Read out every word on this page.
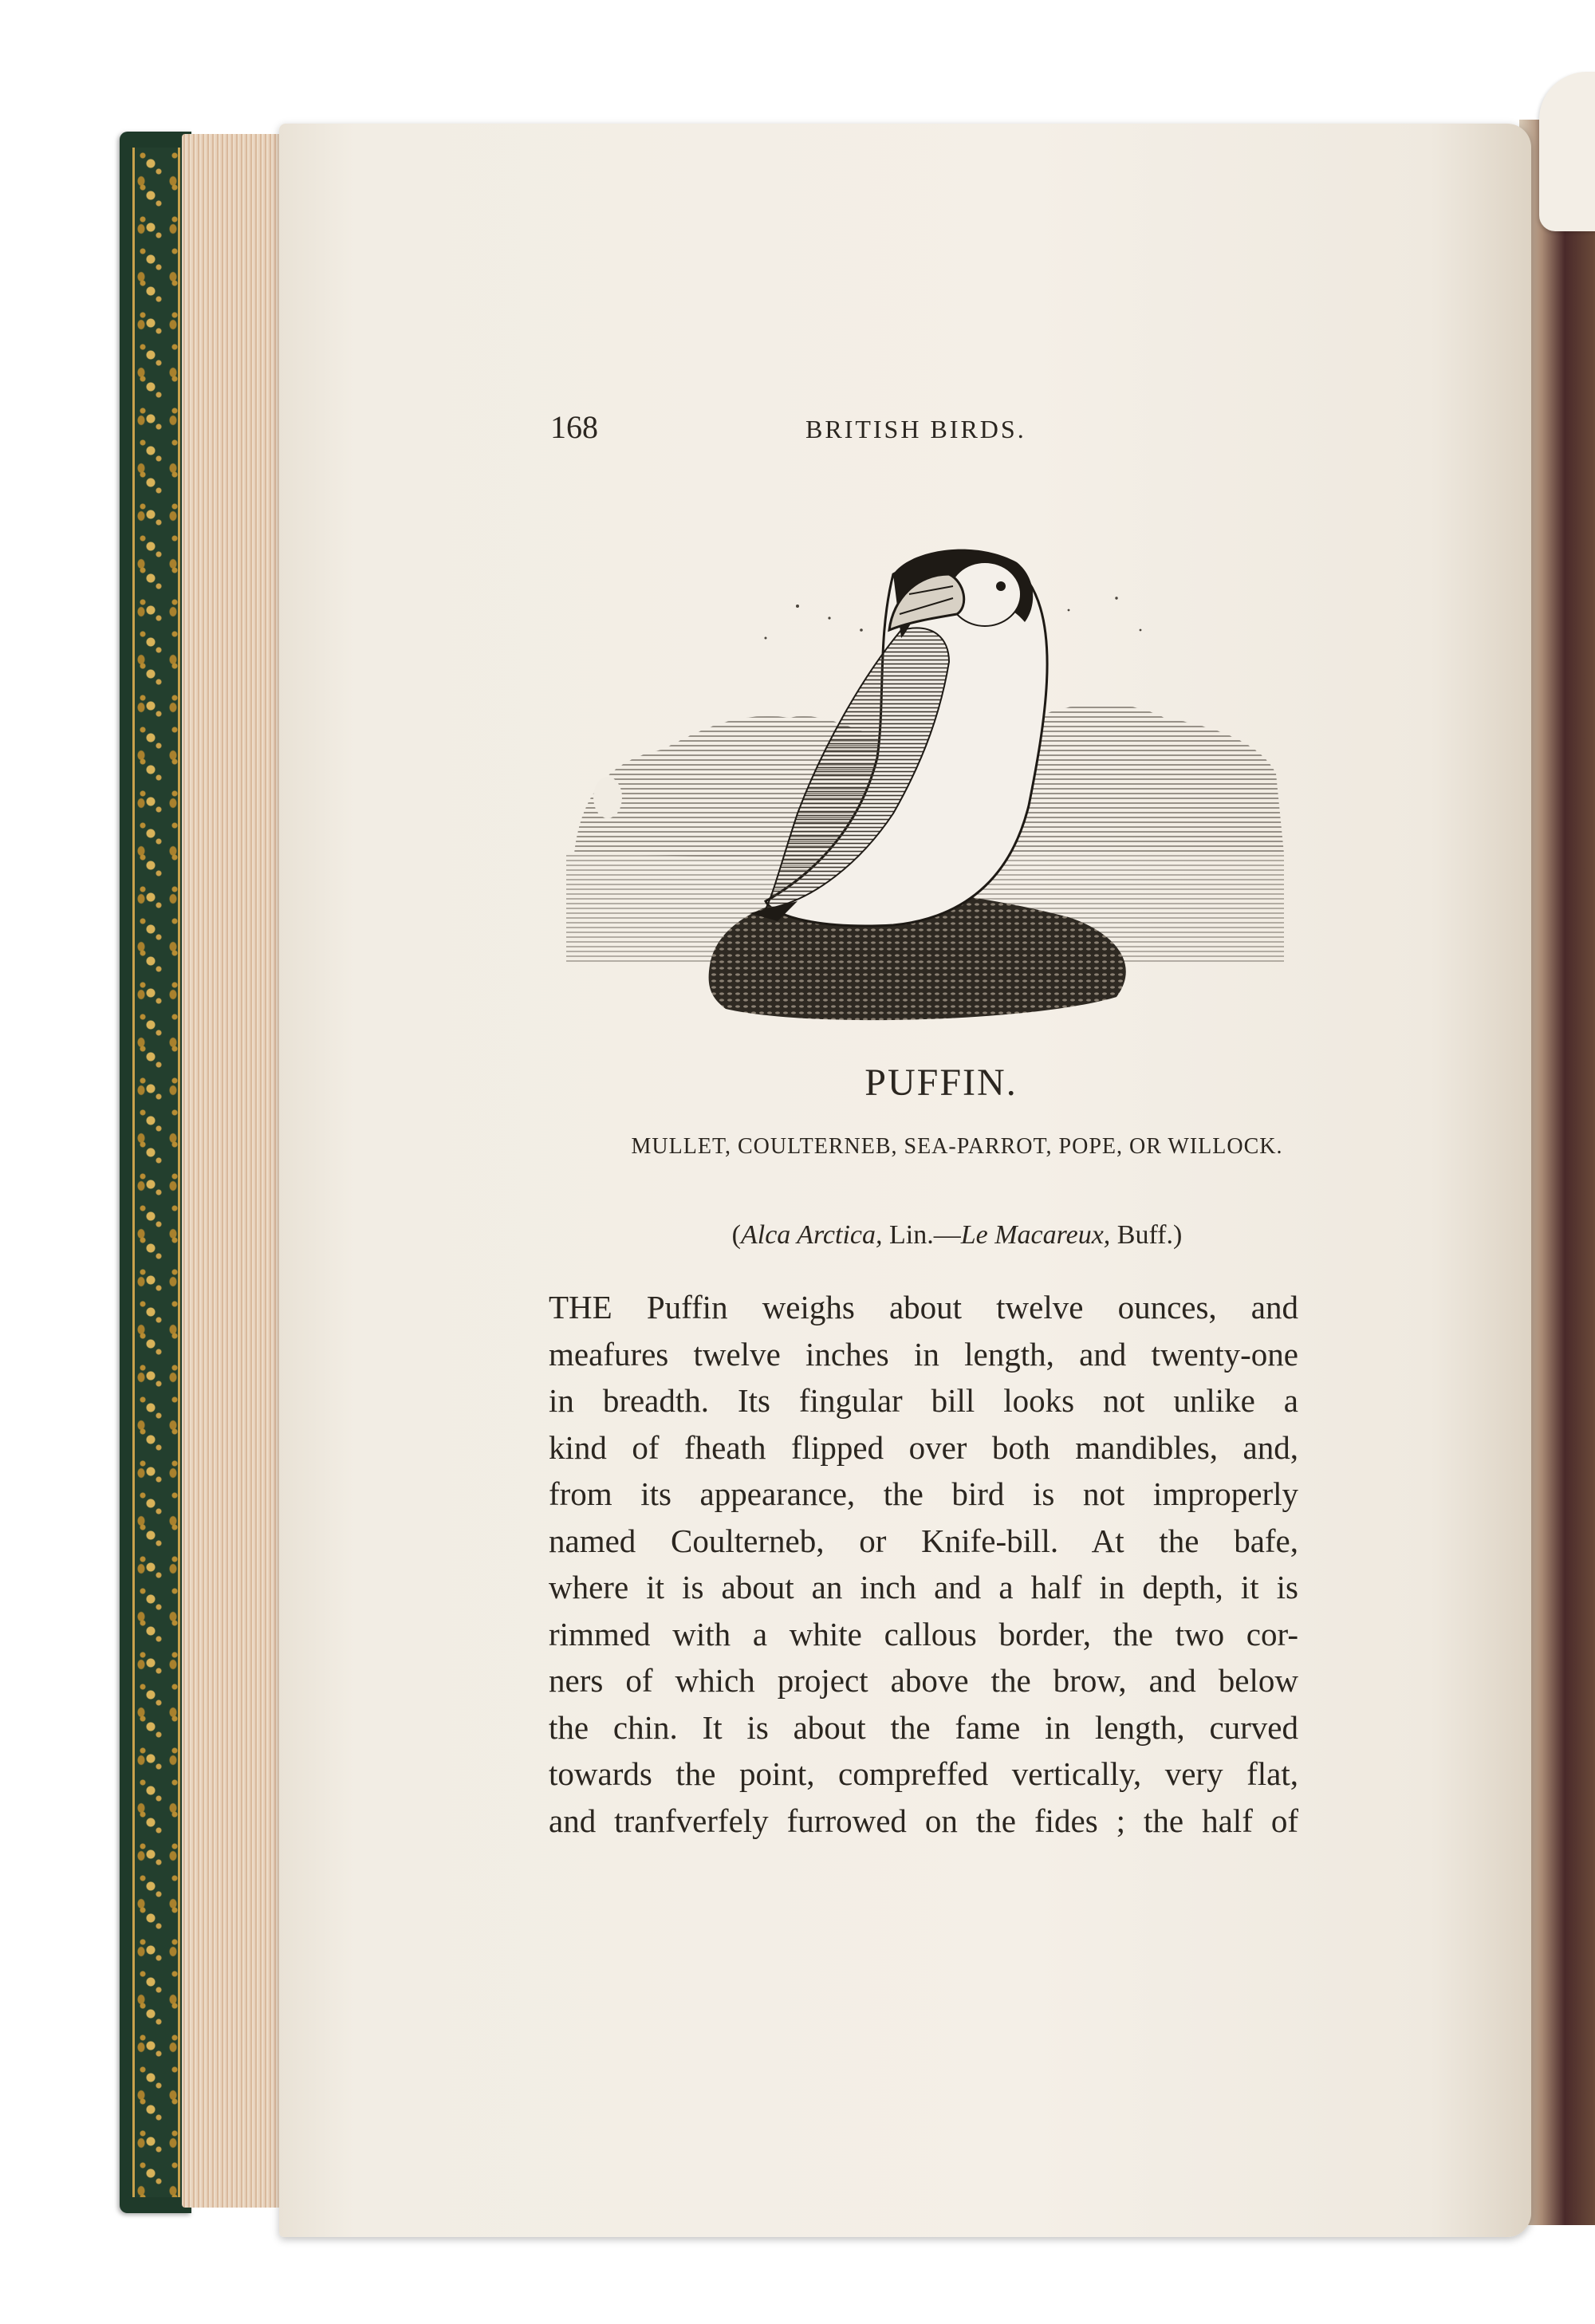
168	BRITISH BIRDS.
PUFFIN.
MULLET, COULTERNEB, SEA-PARROT, POPE, OR WILLOCK.
(Alca Arctica, Lin.—Le Macareux, Buff.)
THE Puffin weighs about twelve ounces, and
meafures twelve inches in length, and twenty-one
in breadth. Its fingular bill looks not unlike a
kind of fheath flipped over both mandibles, and,
from its appearance, the bird is not improperly
named Coulterneb, or Knife-bill. At the bafe,
where it is about an inch and a half in depth, it is
rimmed with a white callous border, the two cor-
ners of which project above the brow, and below
the chin. It is about the fame in length, curved
towards the point, compreffed vertically, very flat,
and tranfverfely furrowed on the fides ; the half of
